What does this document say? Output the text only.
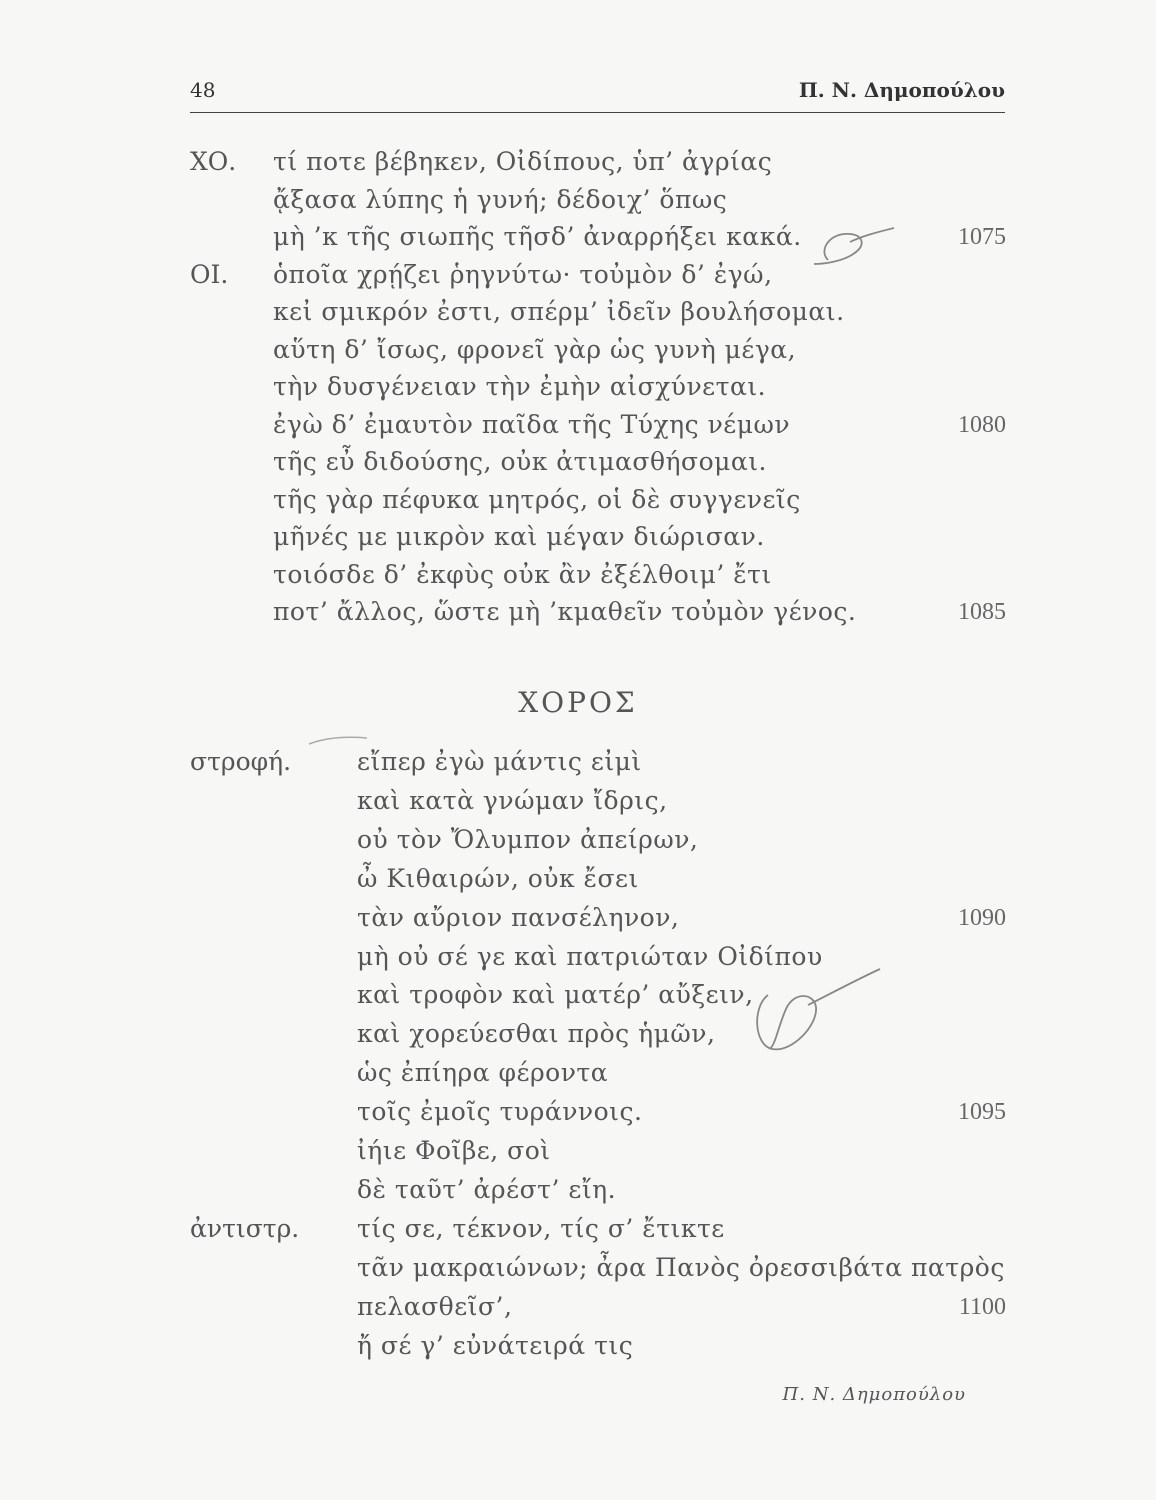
48	Π. Ν. Δημοπούλου
ΧΟ. τί ποτε βέβηκεν, Οἰδίπους, ὑπ’ ἀγρίας
ᾄξασα λύπης ἡ γυνή; δέδοιχ’ ὅπως
μὴ ’κ τῆς σιωπῆς τῆσδ’ ἀναρρήξει κακά.	1075
ΟΙ. ὁποῖα χρῄζει ῥηγνύτω· τοὐμὸν δ’ ἐγώ,
κεἰ σμικρόν ἐστι, σπέρμ’ ἰδεῖν βουλήσομαι.
αὕτη δ’ ἴσως, φρονεῖ γὰρ ὡς γυνὴ μέγα,
τὴν δυσγένειαν τὴν ἐμὴν αἰσχύνεται.
ἐγὼ δ’ ἐμαυτὸν παῖδα τῆς Τύχης νέμων	1080
τῆς εὖ διδούσης, οὐκ ἀτιμασθήσομαι.
τῆς γὰρ πέφυκα μητρός, οἱ δὲ συγγενεῖς
μῆνές με μικρὸν καὶ μέγαν διώρισαν.
τοιόσδε δ’ ἐκφὺς οὐκ ἂν ἐξέλθοιμ’ ἔτι
ποτ’ ἄλλος, ὥστε μὴ ’κμαθεῖν τοὐμὸν γένος.	1085
ΧΟΡΟΣ
στροφή.	εἴπερ ἐγὼ μάντις εἰμὶ
καὶ κατὰ γνώμαν ἴδρις,
οὐ τὸν Ὄλυμπον ἀπείρων,
ὦ Κιθαιρών, οὐκ ἔσει
τὰν αὔριον πανσέληνον,	1090
μὴ οὐ σέ γε καὶ πατριώταν Οἰδίπου
καὶ τροφὸν καὶ ματέρ’ αὔξειν,
καὶ χορεύεσθαι πρὸς ἡμῶν,
ὡς ἐπίηρα φέροντα
τοῖς ἐμοῖς τυράννοις.	1095
ἰήιε Φοῖβε, σοὶ
δὲ ταῦτ’ ἀρέστ’ εἴη.
ἀντιστρ. τίς σε, τέκνον, τίς σ’ ἔτικτε
τᾶν μακραιώνων; ἆρα Πανὸς ὀρεσσιβάτα πατρὸς
πελασθεῖσ’,	1100
ἤ σέ γ’ εὐνάτειρά τις
Π. Ν. Δημοπούλου
